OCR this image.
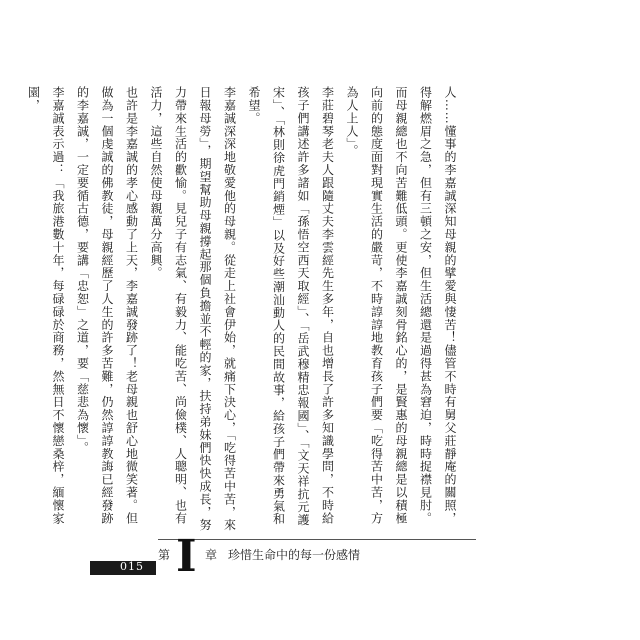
人……懂事的李嘉誠深知母親的擘愛與悽苦！儘管不時有舅父莊靜庵的關照，得解燃眉之急，但有三頓之安，但生活總還是過得甚為窘迫，時時捉襟見肘。而母親總也不向苦難低頭。更使李嘉誠刻骨銘心的，是賢惠的母親總是以積極向前的態度面對現實生活的嚴苛，不時諄諄地教育孩子們要「吃得苦中苦，方為人上人」。

李莊碧琴老夫人跟隨丈夫李雲經先生多年，自也增長了許多知識學問，不時給孩子們講述許多諸如「孫悟空西天取經」、「岳武穆精忠報國」、「文天祥抗元護宋」、「林則徐虎門銷煙」以及好些潮汕動人的民間故事，給孩子們帶來勇氣和希望。

李嘉誠深深地敬愛他的母親。從走上社會伊始，就痛下決心，「吃得苦中苦，來日報母勞」，期望幫助母親撐起那個負擔並不輕的家，扶持弟妹們快快成長，努力帶來生活的歡愉。見兒子有志氣、有毅力、能吃苦、尚儉樸、人聰明、也有活力，這些自然使母親萬分高興。

也許是李嘉誠的孝心感動了上天，李嘉誠發跡了！老母親也舒心地微笑著。但做為一個虔誠的佛教徒，母親經歷了人生的許多苦難，仍然諄諄教誨已經發跡的李嘉誠，一定要循古德，要講「忠恕」之道，要「慈悲為懷」。

李嘉誠表示過：「我旅港數十年，每碌碌於商務，然無日不懷戀桑梓，緬懷家園，

015
第 I 章 珍惜生命中的每一份感情
